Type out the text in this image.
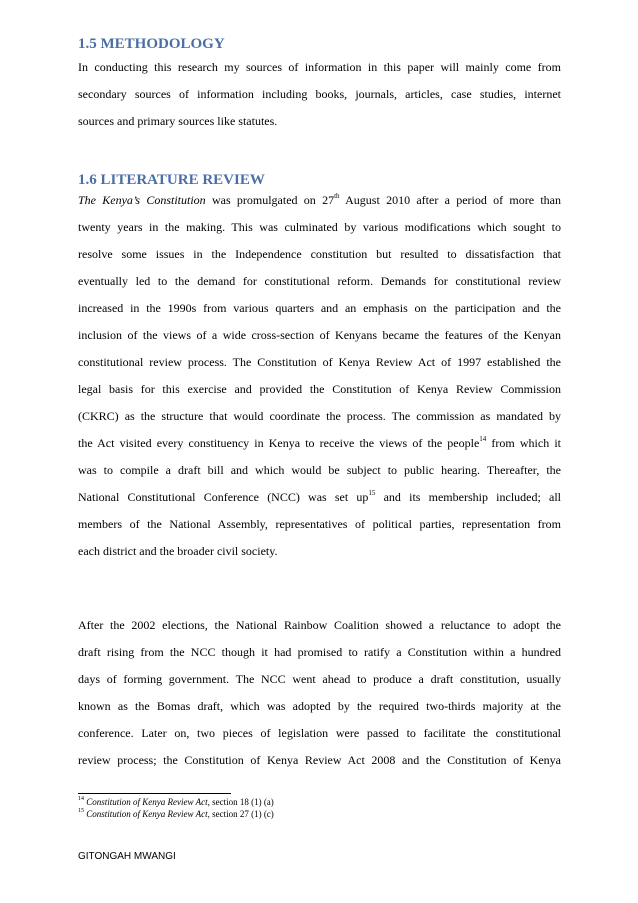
1.5 METHODOLOGY
In conducting this research my sources of information in this paper will mainly come from
secondary sources of information including books, journals, articles, case studies, internet
sources and primary sources like statutes.
1.6 LITERATURE REVIEW
The Kenya’s Constitution was promulgated on 27th August 2010 after a period of more than
twenty years in the making. This was culminated by various modifications which sought to
resolve some issues in the Independence constitution but resulted to dissatisfaction that
eventually led to the demand for constitutional reform. Demands for constitutional review
increased in the 1990s from various quarters and an emphasis on the participation and the
inclusion of the views of a wide cross-section of Kenyans became the features of the Kenyan
constitutional review process. The Constitution of Kenya Review Act of 1997 established the
legal basis for this exercise and provided the Constitution of Kenya Review Commission
(CKRC) as the structure that would coordinate the process. The commission as mandated by
the Act visited every constituency in Kenya to receive the views of the people$^{14}$ from which it
was to compile a draft bill and which would be subject to public hearing. Thereafter, the
National Constitutional Conference (NCC) was set $up^{15}$ and its membership included; all
members of the National Assembly, representatives of political parties, representation from
each district and the broader civil society.
After the 2002 elections, the National Rainbow Coalition showed a reluctance to adopt the
draft rising from the NCC though it had promised to ratify a Constitution within a hundred
days of forming government. The NCC went ahead to produce a draft constitution, usually
known as the Bomas draft, which was adopted by the required two-thirds majority at the
conference. Later on, two pieces of legislation were passed to facilitate the constitutional
review process; the Constitution of Kenya Review Act 2008 and the Constitution of Kenya
$^{14}$ Constitution of Kenya Review Act, section 18 (1) (a)
$^{15}$ Constitution of Kenya Review Act, section 27 (1) (c)
GITONGAH MWANGI
